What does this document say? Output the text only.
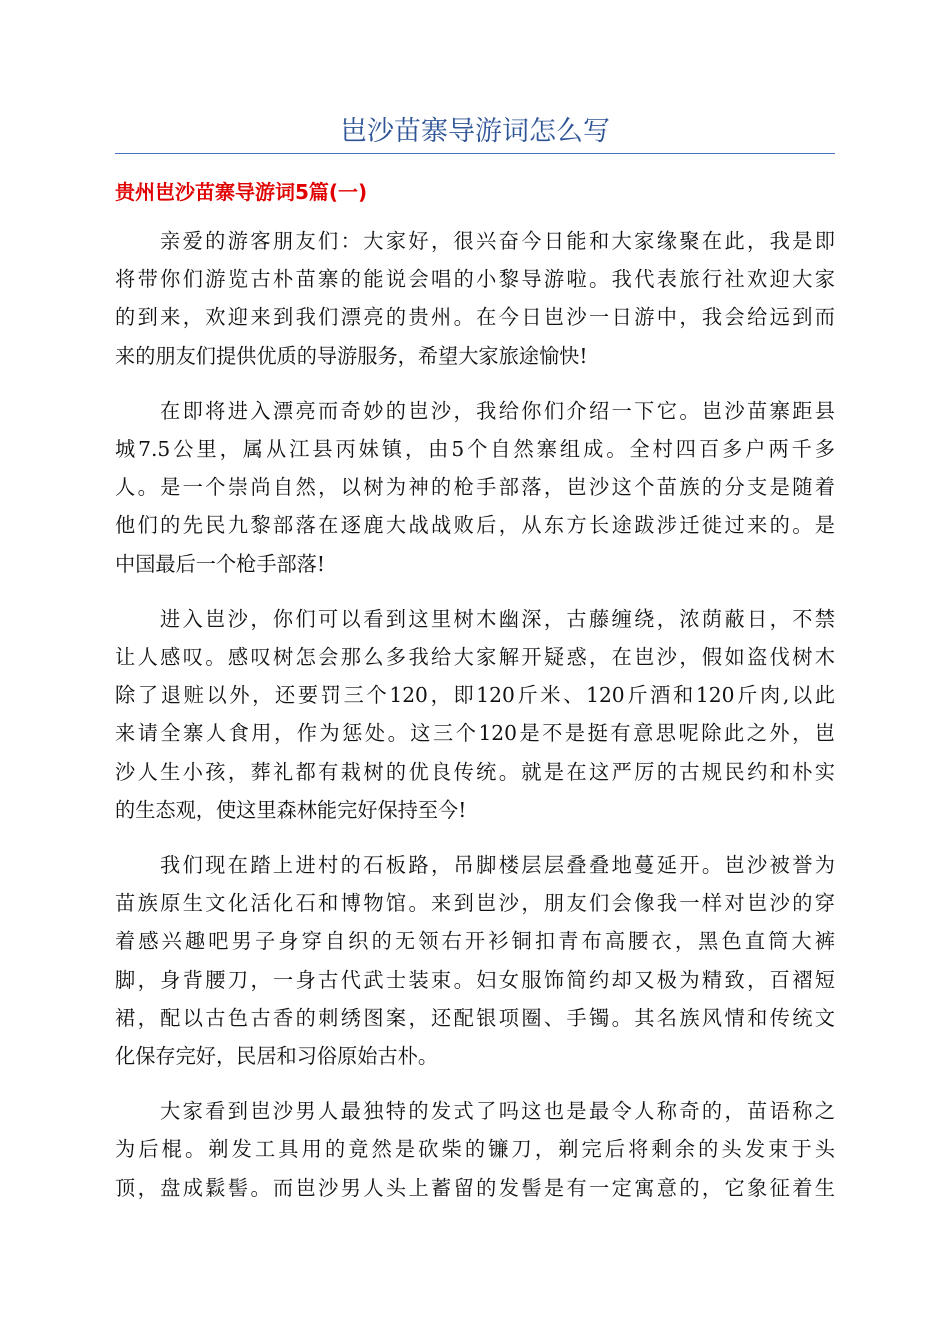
岜沙苗寨导游词怎么写
贵州岜沙苗寨导游词5篇(一)

亲爱的游客朋友们：大家好，很兴奋今日能和大家缘聚在此，我是即
将带你们游览古朴苗寨的能说会唱的小黎导游啦。我代表旅行社欢迎大家
的到来，欢迎来到我们漂亮的贵州。在今日岜沙一日游中，我会给远到而
来的朋友们提供优质的导游服务，希望大家旅途愉快!

在即将进入漂亮而奇妙的岜沙，我给你们介绍一下它。岜沙苗寨距县
城7.5公里，属从江县丙妹镇，由5个自然寨组成。全村四百多户两千多
人。是一个崇尚自然，以树为神的枪手部落，岜沙这个苗族的分支是随着
他们的先民九黎部落在逐鹿大战战败后，从东方长途跋涉迁徙过来的。是
中国最后一个枪手部落!

进入岜沙，你们可以看到这里树木幽深，古藤缠绕，浓荫蔽日，不禁
让人感叹。感叹树怎会那么多我给大家解开疑惑，在岜沙，假如盗伐树木
除了退赃以外，还要罚三个120，即120斤米、120斤酒和120斤肉,以此
来请全寨人食用，作为惩处。这三个120是不是挺有意思呢除此之外，岜
沙人生小孩，葬礼都有栽树的优良传统。就是在这严厉的古规民约和朴实
的生态观，使这里森林能完好保持至今!

我们现在踏上进村的石板路，吊脚楼层层叠叠地蔓延开。岜沙被誉为
苗族原生文化活化石和博物馆。来到岜沙，朋友们会像我一样对岜沙的穿
着感兴趣吧男子身穿自织的无领右开衫铜扣青布高腰衣，黑色直筒大裤
脚，身背腰刀，一身古代武士装束。妇女服饰简约却又极为精致，百褶短
裙，配以古色古香的刺绣图案，还配银项圈、手镯。其名族风情和传统文
化保存完好，民居和习俗原始古朴。

大家看到岜沙男人最独特的发式了吗这也是最令人称奇的，苗语称之
为后棍。剃发工具用的竟然是砍柴的镰刀，剃完后将剩余的头发束于头
顶，盘成鬏髻。而岜沙男人头上蓄留的发髻是有一定寓意的，它象征着生
